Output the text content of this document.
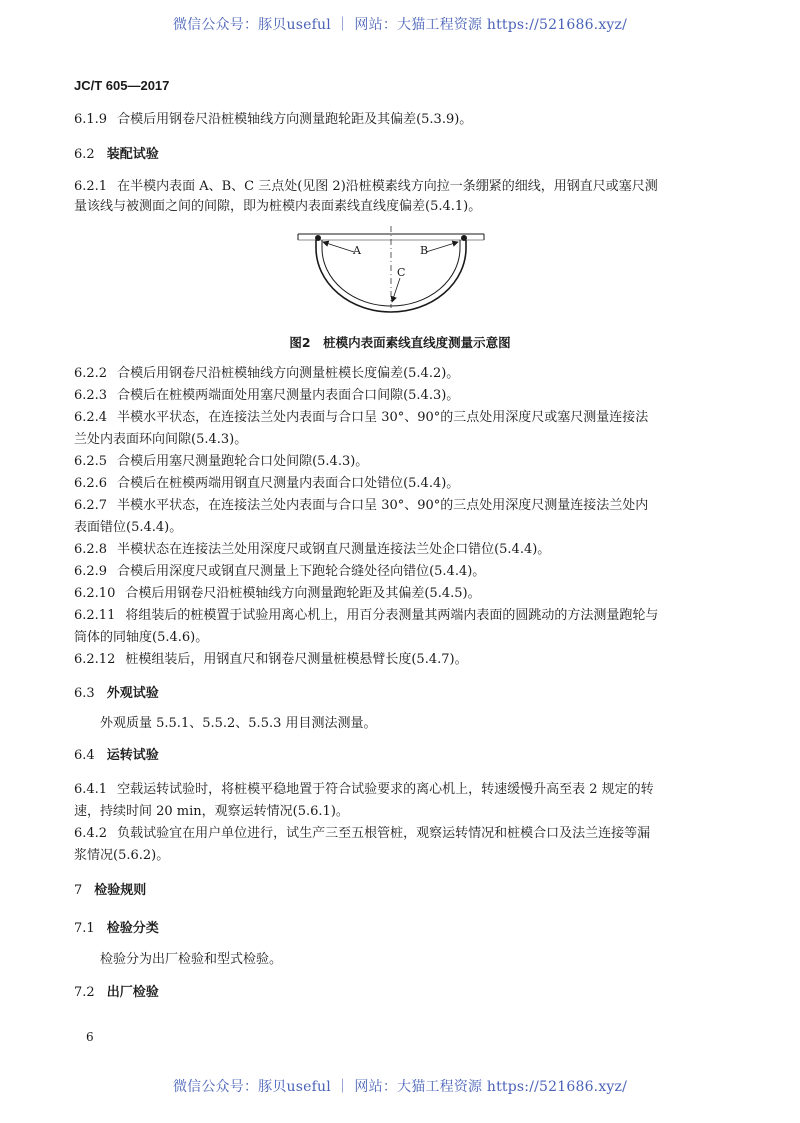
微信公众号：豚贝useful ｜ 网站：大猫工程资源 https://521686.xyz/
JC/T 605—2017
6.1.9 合模后用钢卷尺沿桩模轴线方向测量跑轮距及其偏差(5.3.9)。
6.2 装配试验
6.2.1 在半模内表面 A、B、C 三点处(见图 2)沿桩模素线方向拉一条绷紧的细线，用钢直尺或塞尺测
量该线与被测面之间的间隙，即为桩模内表面素线直线度偏差(5.4.1)。
A	B
C
图2　桩模内表面素线直线度测量示意图
6.2.2 合模后用钢卷尺沿桩模轴线方向测量桩模长度偏差(5.4.2)。
6.2.3 合模后在桩模两端面处用塞尺测量内表面合口间隙(5.4.3)。
6.2.4 半模水平状态，在连接法兰处内表面与合口呈 30°、90°的三点处用深度尺或塞尺测量连接法
兰处内表面环向间隙(5.4.3)。
6.2.5 合模后用塞尺测量跑轮合口处间隙(5.4.3)。
6.2.6 合模后在桩模两端用钢直尺测量内表面合口处错位(5.4.4)。
6.2.7 半模水平状态，在连接法兰处内表面与合口呈 30°、90°的三点处用深度尺测量连接法兰处内
表面错位(5.4.4)。
6.2.8 半模状态在连接法兰处用深度尺或钢直尺测量连接法兰处企口错位(5.4.4)。
6.2.9 合模后用深度尺或钢直尺测量上下跑轮合缝处径向错位(5.4.4)。
6.2.10 合模后用钢卷尺沿桩模轴线方向测量跑轮距及其偏差(5.4.5)。
6.2.11 将组装后的桩模置于试验用离心机上，用百分表测量其两端内表面的圆跳动的方法测量跑轮与
筒体的同轴度(5.4.6)。
6.2.12 桩模组装后，用钢直尺和钢卷尺测量桩模悬臂长度(5.4.7)。
6.3 外观试验
外观质量 5.5.1、5.5.2、5.5.3 用目测法测量。
6.4 运转试验
6.4.1 空载运转试验时，将桩模平稳地置于符合试验要求的离心机上，转速缓慢升高至表 2 规定的转
速，持续时间 20 min，观察运转情况(5.6.1)。
6.4.2 负载试验宜在用户单位进行，试生产三至五根管桩，观察运转情况和桩模合口及法兰连接等漏
浆情况(5.6.2)。
7 检验规则
7.1 检验分类
检验分为出厂检验和型式检验。
7.2 出厂检验
6
微信公众号：豚贝useful ｜ 网站：大猫工程资源 https://521686.xyz/
